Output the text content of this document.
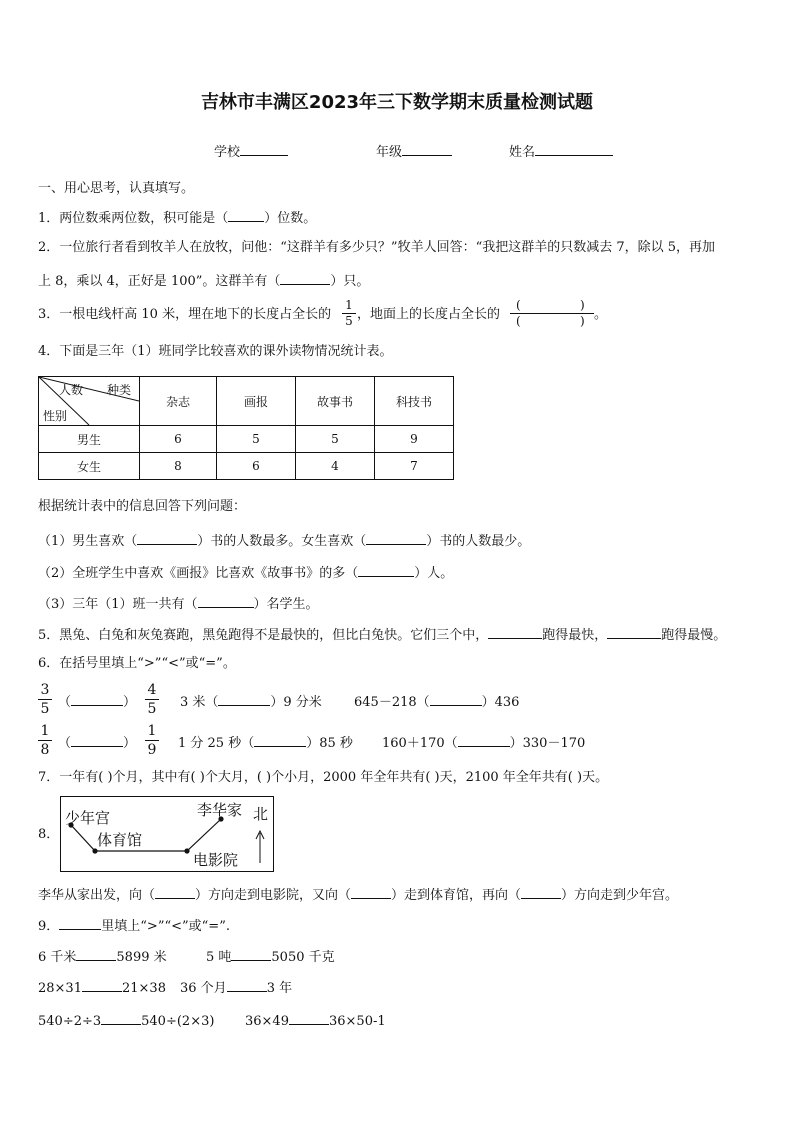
吉林市丰满区2023年三下数学期末质量检测试题
学校	年级	姓名
一、用心思考，认真填写。
1．两位数乘两位数，积可能是（	）位数。
2．一位旅行者看到牧羊人在放牧，问他：“这群羊有多少只？”牧羊人回答：“我把这群羊的只数减去 7，除以 5，再加
上 8，乘以 4，正好是 100”。这群羊有（	）只。
3．一根电线杆高 10 米，埋在地下的长度占全长的 $\frac{1}{5}$ ，地面上的长度占全长的
(	)
(	) 。
4．下面是三年（1）班同学比较喜欢的课外读物情况统计表。
人数 种类
性别	杂志	画报	故事书	科技书
男生	6	5	5	9
女生	8	6	4	7
根据统计表中的信息回答下列问题：
（1）男生喜欢（	）书的人数最多。女生喜欢（	）书的人数最少。
（2）全班学生中喜欢《画报》比喜欢《故事书》的多（	）人。
（3）三年（1）班一共有（	）名学生。
5．黑兔、白兔和灰兔赛跑，黑兔跑得不是最快的，但比白兔快。它们三个中，	跑得最快，	跑得最慢。
6．在括号里填上“>”“<”或“=”。
$\frac{3}{5}$ （	） $\frac{4}{5} 3$ 米（	）9 分米 645－218（	）436
$\frac{1}{8}$ （	） $\frac{1}{9} 1$ 分 25 秒（	）85 秒 160＋170（	）330－170
7．一年有( )个月，其中有( )个大月，( )个小月，2000 年全年共有( )天，2100 年全年共有( )天。
8．
少年宫
体育馆
李华家
电影院
北
李华从家出发，向（	）方向走到电影院，又向（	）走到体育馆，再向（	）方向走到少年宫。
9．	里填上“>”“<”或“=”.
6 千米	5899 米	5 吨	5050 千克
28×31	21×38 36 个月	3 年
540÷2÷3	540÷(2×3) 36×49	36×50-1
